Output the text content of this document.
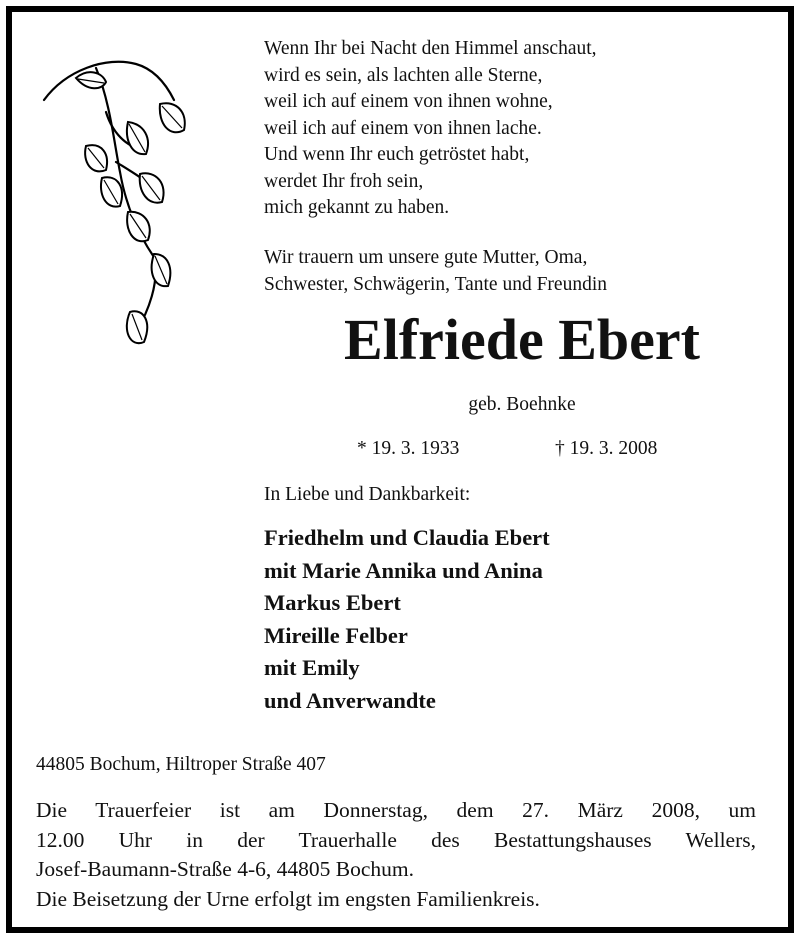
Wenn Ihr bei Nacht den Himmel anschaut,
wird es sein, als lachten alle Sterne,
weil ich auf einem von ihnen wohne,
weil ich auf einem von ihnen lache.
Und wenn Ihr euch getröstet habt,
werdet Ihr froh sein,
mich gekannt zu haben.
Wir trauern um unsere gute Mutter, Oma,
Schwester, Schwägerin, Tante und Freundin
Elfriede Ebert
geb. Boehnke
* 19. 3. 1933	† 19. 3. 2008
In Liebe und Dankbarkeit:
Friedhelm und Claudia Ebert
mit Marie Annika und Anina
Markus Ebert
Mireille Felber
mit Emily
und Anverwandte
44805 Bochum, Hiltroper Straße 407
Die Trauerfeier ist am Donnerstag, dem 27. März 2008, um
12.00 Uhr in der Trauerhalle des Bestattungshauses Wellers,
Josef-Baumann-Straße 4-6, 44805 Bochum.
Die Beisetzung der Urne erfolgt im engsten Familienkreis.
